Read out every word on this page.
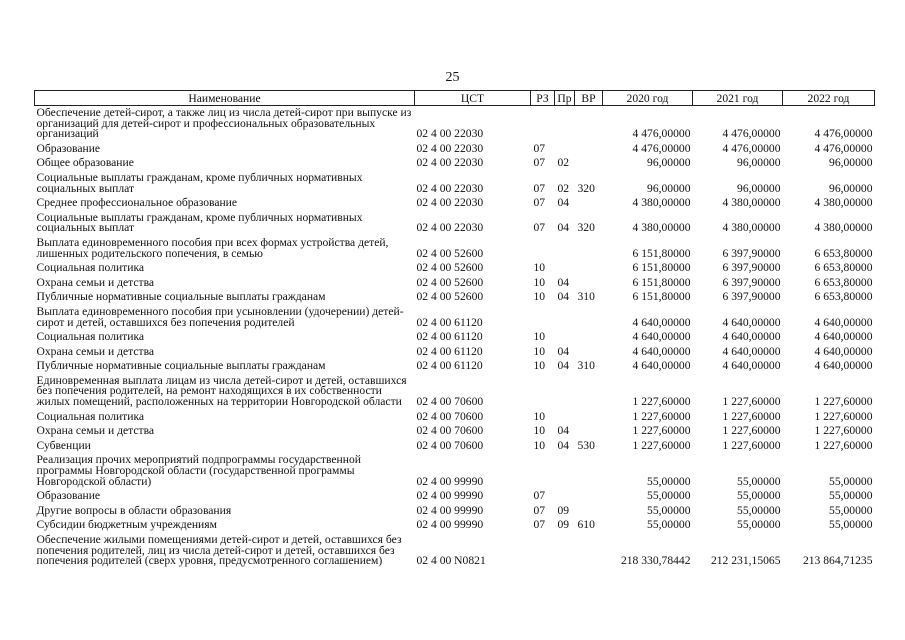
25
Наименование	ЦСТ	РЗ	Пр	ВР	2020 год	2021 год	2022 год
Обеспечение детей-сирот, а также лиц из числа детей-сирот при выпуске из организаций для детей-сирот и профессиональных образовательных организаций	02 4 00 22030				4 476,00000	4 476,00000	4 476,00000
Образование	02 4 00 22030	07			4 476,00000	4 476,00000	4 476,00000
Общее образование	02 4 00 22030	07	02		96,00000	96,00000	96,00000
Социальные выплаты гражданам, кроме публичных нормативных социальных выплат	02 4 00 22030	07	02	320	96,00000	96,00000	96,00000
Среднее профессиональное образование	02 4 00 22030	07	04		4 380,00000	4 380,00000	4 380,00000
Социальные выплаты гражданам, кроме публичных нормативных социальных выплат	02 4 00 22030	07	04	320	4 380,00000	4 380,00000	4 380,00000
Выплата единовременного пособия при всех формах устройства детей, лишенных родительского попечения, в семью	02 4 00 52600				6 151,80000	6 397,90000	6 653,80000
Социальная политика	02 4 00 52600	10			6 151,80000	6 397,90000	6 653,80000
Охрана семьи и детства	02 4 00 52600	10	04		6 151,80000	6 397,90000	6 653,80000
Публичные нормативные социальные выплаты гражданам	02 4 00 52600	10	04	310	6 151,80000	6 397,90000	6 653,80000
Выплата единовременного пособия при усыновлении (удочерении) детей-сирот и детей, оставшихся без попечения родителей	02 4 00 61120				4 640,00000	4 640,00000	4 640,00000
Социальная политика	02 4 00 61120	10			4 640,00000	4 640,00000	4 640,00000
Охрана семьи и детства	02 4 00 61120	10	04		4 640,00000	4 640,00000	4 640,00000
Публичные нормативные социальные выплаты гражданам	02 4 00 61120	10	04	310	4 640,00000	4 640,00000	4 640,00000
Единовременная выплата лицам из числа детей-сирот и детей, оставшихся без попечения родителей, на ремонт находящихся в их собственности жилых помещений, расположенных на территории Новгородской области	02 4 00 70600				1 227,60000	1 227,60000	1 227,60000
Социальная политика	02 4 00 70600	10			1 227,60000	1 227,60000	1 227,60000
Охрана семьи и детства	02 4 00 70600	10	04		1 227,60000	1 227,60000	1 227,60000
Субвенции	02 4 00 70600	10	04	530	1 227,60000	1 227,60000	1 227,60000
Реализация прочих мероприятий подпрограммы государственной программы Новгородской области (государственной программы Новгородской области)	02 4 00 99990				55,00000	55,00000	55,00000
Образование	02 4 00 99990	07			55,00000	55,00000	55,00000
Другие вопросы в области образования	02 4 00 99990	07	09		55,00000	55,00000	55,00000
Субсидии бюджетным учреждениям	02 4 00 99990	07	09	610	55,00000	55,00000	55,00000
Обеспечение жилыми помещениями детей-сирот и детей, оставшихся без попечения родителей, лиц из числа детей-сирот и детей, оставшихся без попечения родителей (сверх уровня, предусмотренного соглашением)	02 4 00 N0821				218 330,78442	212 231,15065	213 864,71235
